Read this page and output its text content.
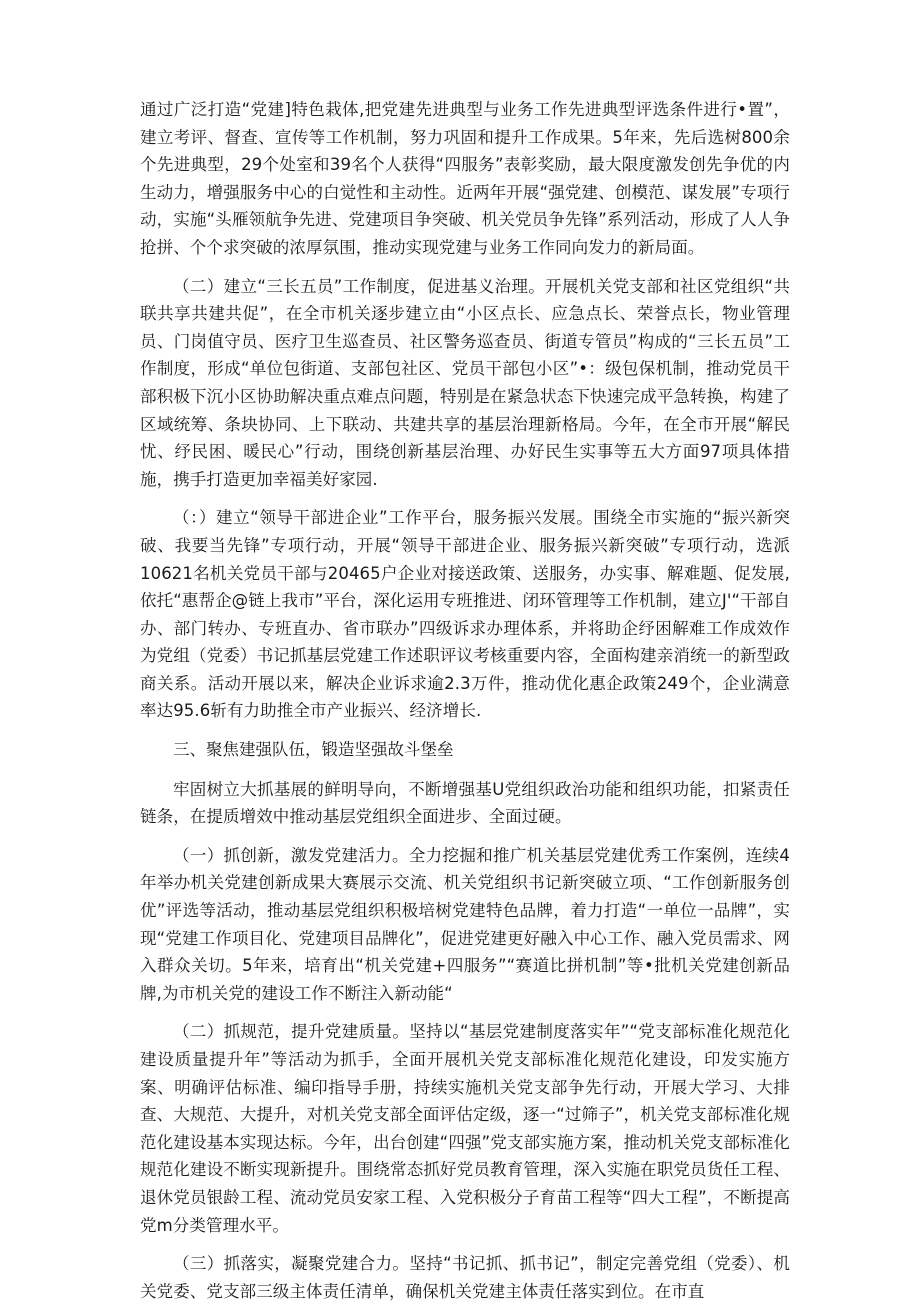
通过广泛打造“党建]特色栽体,把党建先进典型与业务工作先进典型评选条件进行•置”，建立考评、督查、宣传等工作机制，努力巩固和提升工作成果。5年来，先后选树800余个先进典型，29个处室和39名个人获得“四服务”表彰奖励，最大限度激发创先争优的内生动力，增强服务中心的白觉性和主动性。近两年开展“强党建、创模范、谋发展”专项行动，实施“头雁领航争先进、党建项目争突破、机关党员争先锋”系列活动，形成了人人争抢拼、个个求突破的浓厚氛围，推动实现党建与业务工作同向发力的新局面。

（二）建立“三长五员”工作制度，促进基义治理。开展机关党支部和社区党组织“共联共享共建共促”，在全市机关逐步建立由“小区点长、应急点长、荣誉点长，物业管理员、门岗值守员、医疗卫生巡查员、社区警务巡查员、街道专管员”构成的“三长五员”工作制度，形成“单位包街道、支部包社区、党员干部包小区”•：级包保机制，推动党员干部积极下沉小区协助解决重点难点问题，特别是在紧急状态下快速完成平急转换，构建了区域统筹、条块协同、上下联动、共建共享的基层治理新格局。今年，在全市开展“解民忧、纾民困、暖民心”行动，围绕创新基层治理、办好民生实事等五大方面97项具体措施，携手打造更加幸福美好家园.

（：）建立“领导干部进企业”工作平台，服务振兴发展。围绕全市实施的“振兴新突破、我要当先锋”专项行动，开展“领导干部进企业、服务振兴新突破”专项行动，选派10621名机关党员干部与20465户企业对接送政策、送服务，办实事、解难题、促发展,依托“惠帮企@链上我市”平台，深化运用专班推进、闭环管理等工作机制，建立J'“干部自办、部门转办、专班直办、省市联办”四级诉求办理体系，并将助企纾困解难工作成效作为党组（党委）书记抓基层党建工作述职评议考核重要内容，全面构建亲消统一的新型政商关系。活动开展以来，解决企业诉求逾2.3万件，推动优化惠企政策249个，企业满意率达95.6斩有力助推全市产业振兴、经济增长.

三、聚焦建强队伍，锻造坚强故斗堡垒

牢固树立大抓基展的鲜明导向，不断增强基U党组织政治功能和组织功能，扣紧责任链条，在提质增效中推动基层党组织全面进步、全面过硬。

（一）抓创新，激发党建活力。全力挖掘和推广机关基层党建优秀工作案例，连续4年举办机关党建创新成果大赛展示交流、机关党组织书记新突破立项、“工作创新服务创优”评选等活动，推动基层党组织积极培树党建特色品牌，着力打造“一单位一品牌”，实现“党建工作项目化、党建项目品牌化”，促进党建更好融入中心工作、融入党员需求、网入群众关切。5年来，培育出“机关党建+四服务”“赛道比拼机制”等•批机关党建创新品牌,为市机关党的建设工作不断注入新动能“

（二）抓规范，提升党建质量。坚持以“基层党建制度落实年”“党支部标准化规范化建设质量提升年”等活动为抓手，全面开展机关党支部标准化规范化建设，印发实施方案、明确评估标准、编印指导手册，持续实施机关党支部争先行动，开展大学习、大排查、大规范、大提升，对机关党支部全面评估定级，逐一“过筛子”，机关党支部标准化规范化建设基本实现达标。今年，出台创建“四强”党支部实施方案，推动机关党支部标准化规范化建设不断实现新提升。围绕常态抓好党员教育管理，深入实施在职党员货任工程、退休党员银龄工程、流动党员安家工程、入党积极分子育苗工程等“四大工程”，不断提高党m分类管理水平。

（三）抓落实，凝聚党建合力。坚持“书记抓、抓书记”，制定完善党组（党委）、机关党委、党支部三级主体责任清单，确保机关党建主体责任落实到位。在市直
